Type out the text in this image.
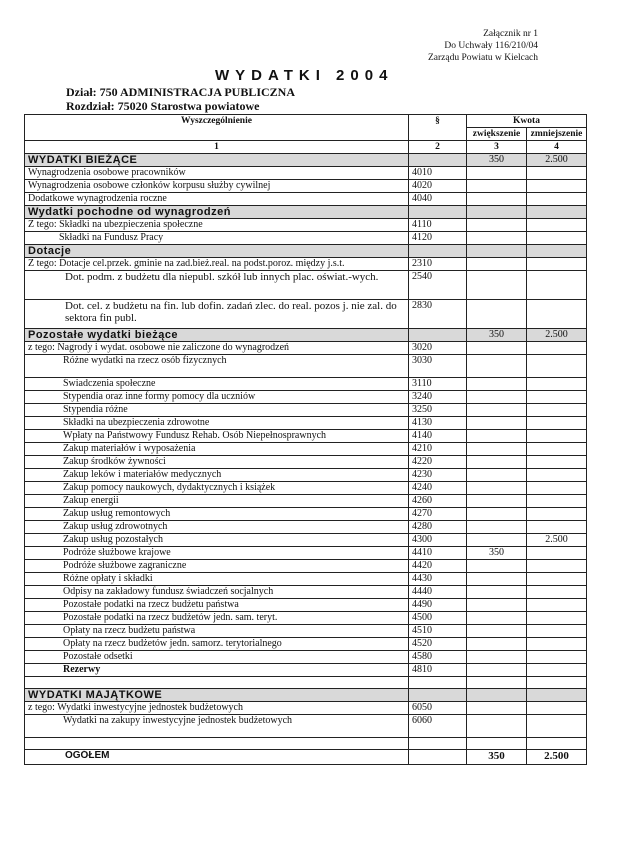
Załącznik nr 1
Do Uchwały 116/210/04
Zarządu Powiatu w Kielcach
WYDATKI 2004
Dział: 750 ADMINISTRACJA PUBLICZNA
Rozdział: 75020 Starostwa powiatowe
Wyszczególnienie	§	Kwota	
		zwiększenie	zmniejszenie
1	2	3	4
WYDATKI BIEŻĄCE		350	2.500
Wynagrodzenia osobowe pracowników	4010		
Wynagrodzenia osobowe członków korpusu służby cywilnej	4020		
Dodatkowe wynagrodzenia roczne	4040		
Wydatki pochodne od wynagrodzeń			
Z tego: Składki na ubezpieczenia społeczne	4110		
Składki na Fundusz Pracy	4120		
Dotacje			
Z tego: Dotacje cel.przek. gminie na zad.bież.real. na podst.poroz. między j.s.t.	2310		
Dot. podm. z budżetu dla niepubl. szkół lub innych plac. oświat.-wych.	2540		
Dot. cel. z budżetu na fin. lub dofin. zadań zlec. do real. pozos j. nie zal. do sektora fin publ.	2830		
Pozostałe wydatki bieżące		350	2.500
z tego: Nagrody i wydat. osobowe nie zaliczone do wynagrodzeń	3020		
Różne wydatki na rzecz osób fizycznych	3030		
Świadczenia społeczne	3110		
Stypendia oraz inne formy pomocy dla uczniów	3240		
Stypendia różne	3250		
Składki na ubezpieczenia zdrowotne	4130		
Wpłaty na Państwowy Fundusz Rehab. Osób Niepełnosprawnych	4140		
Zakup materiałów i wyposażenia	4210		
Zakup środków żywności	4220		
Zakup leków i materiałów medycznych	4230		
Zakup pomocy naukowych, dydaktycznych i książek	4240		
Zakup energii	4260		
Zakup usług remontowych	4270		
Zakup usług zdrowotnych	4280		
Zakup usług pozostałych	4300		2.500
Podróże służbowe krajowe	4410	350	
Podróże służbowe zagraniczne	4420		
Różne opłaty i składki	4430		
Odpisy na zakładowy fundusz świadczeń socjalnych	4440		
Pozostałe podatki na rzecz budżetu państwa	4490		
Pozostałe podatki na rzecz budżetów jedn. sam. teryt.	4500		
Opłaty na rzecz budżetu państwa	4510		
Opłaty na rzecz budżetów jedn. samorz. terytorialnego	4520		
Pozostałe odsetki	4580		
Rezerwy	4810		

WYDATKI MAJĄTKOWE			
z tego: Wydatki inwestycyjne jednostek budżetowych	6050		
Wydatki na zakupy inwestycyjne jednostek budżetowych	6060		

OGÓŁEM		350	2.500
